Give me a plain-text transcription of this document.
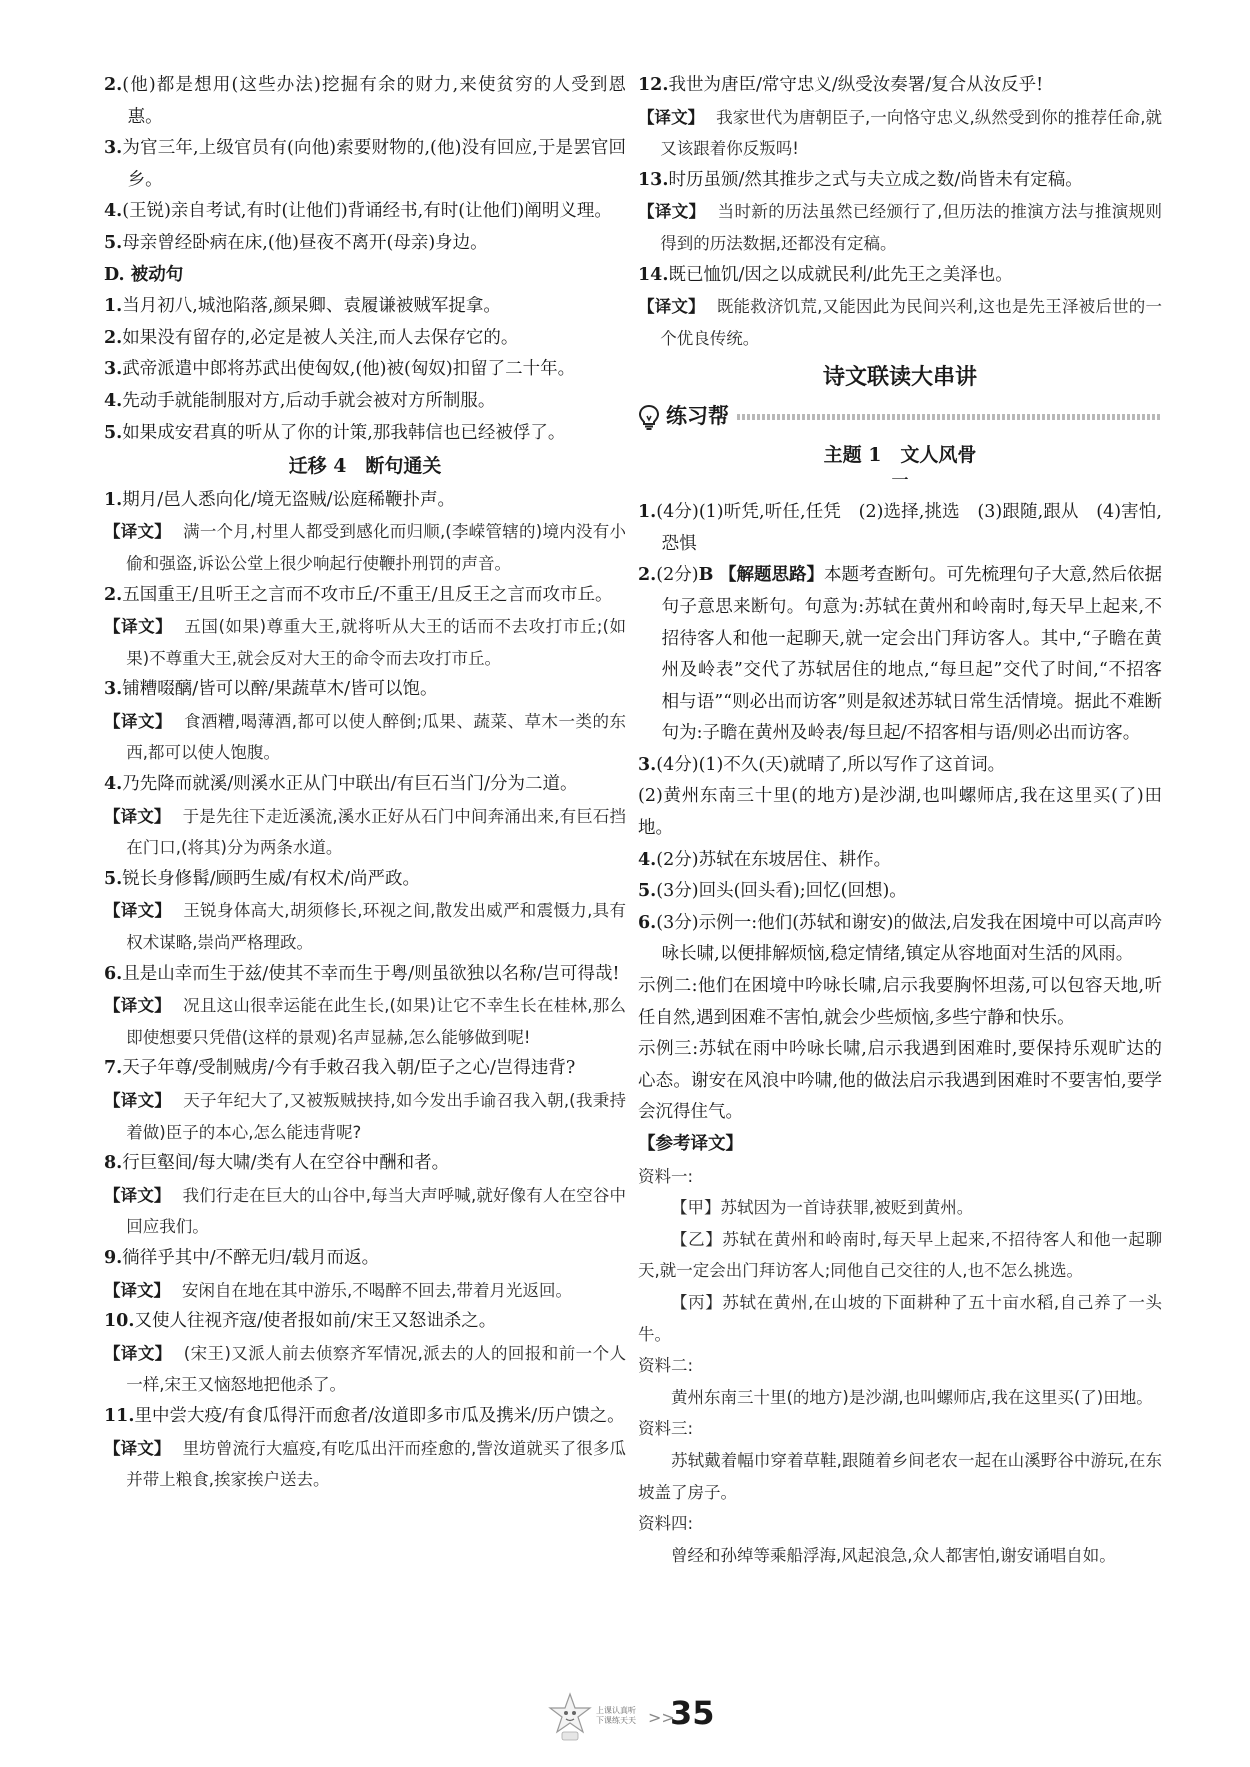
2.(他)都是想用(这些办法)挖掘有余的财力,来使贫穷的人受到恩惠。

3.为官三年,上级官员有(向他)索要财物的,(他)没有回应,于是罢官回乡。

4.(王锐)亲自考试,有时(让他们)背诵经书,有时(让他们)阐明义理。

5.母亲曾经卧病在床,(他)昼夜不离开(母亲)身边。

D. 被动句

1.当月初八,城池陷落,颜杲卿、袁履谦被贼军捉拿。

2.如果没有留存的,必定是被人关注,而人去保存它的。

3.武帝派遣中郎将苏武出使匈奴,(他)被(匈奴)扣留了二十年。

4.先动手就能制服对方,后动手就会被对方所制服。

5.如果成安君真的听从了你的计策,那我韩信也已经被俘了。

迁移 4　断句通关

1.期月/邑人悉向化/境无盗贼/讼庭稀鞭扑声。

【译文】 满一个月,村里人都受到感化而归顺,(李嵘管辖的)境内没有小偷和强盗,诉讼公堂上很少响起行使鞭扑刑罚的声音。

2.五国重王/且听王之言而不攻市丘/不重王/且反王之言而攻市丘。

【译文】 五国(如果)尊重大王,就将听从大王的话而不去攻打市丘;(如果)不尊重大王,就会反对大王的命令而去攻打市丘。

3.铺糟啜醨/皆可以醉/果蔬草木/皆可以饱。

【译文】 食酒糟,喝薄酒,都可以使人醉倒;瓜果、蔬菜、草木一类的东西,都可以使人饱腹。

4.乃先降而就溪/则溪水正从门中联出/有巨石当门/分为二道。

【译文】 于是先往下走近溪流,溪水正好从石门中间奔涌出来,有巨石挡在门口,(将其)分为两条水道。

5.锐长身修髯/顾眄生威/有权术/尚严政。

【译文】 王锐身体高大,胡须修长,环视之间,散发出威严和震慑力,具有权术谋略,崇尚严格理政。

6.且是山幸而生于兹/使其不幸而生于粤/则虽欲独以名称/岂可得哉!

【译文】 况且这山很幸运能在此生长,(如果)让它不幸生长在桂林,那么即使想要只凭借(这样的景观)名声显赫,怎么能够做到呢!

7.天子年尊/受制贼虏/今有手敕召我入朝/臣子之心/岂得违背?

【译文】 天子年纪大了,又被叛贼挟持,如今发出手谕召我入朝,(我秉持着做)臣子的本心,怎么能违背呢?

8.行巨壑间/每大啸/类有人在空谷中酬和者。

【译文】 我们行走在巨大的山谷中,每当大声呼喊,就好像有人在空谷中回应我们。

9.徜徉乎其中/不醉无归/载月而返。

【译文】 安闲自在地在其中游乐,不喝醉不回去,带着月光返回。

10.又使人往视齐寇/使者报如前/宋王又怒诎杀之。

【译文】 (宋王)又派人前去侦察齐军情况,派去的人的回报和前一个人一样,宋王又恼怒地把他杀了。

11.里中尝大疫/有食瓜得汗而愈者/汝道即多市瓜及携米/历户馈之。

【译文】 里坊曾流行大瘟疫,有吃瓜出汗而痊愈的,訾汝道就买了很多瓜并带上粮食,挨家挨户送去。

12.我世为唐臣/常守忠义/纵受汝奏署/复合从汝反乎!

【译文】 我家世代为唐朝臣子,一向恪守忠义,纵然受到你的推荐任命,就又该跟着你反叛吗!

13.时历虽颁/然其推步之式与夫立成之数/尚皆未有定稿。

【译文】 当时新的历法虽然已经颁行了,但历法的推演方法与推演规则得到的历法数据,还都没有定稿。

14.既已恤饥/因之以成就民利/此先王之美泽也。

【译文】 既能救济饥荒,又能因此为民间兴利,这也是先王泽被后世的一个优良传统。

诗文联读大串讲

练习帮

主题 1　文人风骨

一

1.(4分)(1)听凭,听任,任凭　(2)选择,挑选　(3)跟随,跟从　(4)害怕,恐惧

2.(2分)B 【解题思路】本题考查断句。可先梳理句子大意,然后依据句子意思来断句。句意为:苏轼在黄州和岭南时,每天早上起来,不招待客人和他一起聊天,就一定会出门拜访客人。其中,“子瞻在黄州及岭表”交代了苏轼居住的地点,“每旦起”交代了时间,“不招客相与语”“则必出而访客”则是叙述苏轼日常生活情境。据此不难断句为:子瞻在黄州及岭表/每旦起/不招客相与语/则必出而访客。

3.(4分)(1)不久(天)就晴了,所以写作了这首词。

(2)黄州东南三十里(的地方)是沙湖,也叫螺师店,我在这里买(了)田地。

4.(2分)苏轼在东坡居住、耕作。

5.(3分)回头(回头看);回忆(回想)。

6.(3分)示例一:他们(苏轼和谢安)的做法,启发我在困境中可以高声吟咏长啸,以便排解烦恼,稳定情绪,镇定从容地面对生活的风雨。

示例二:他们在困境中吟咏长啸,启示我要胸怀坦荡,可以包容天地,听任自然,遇到困难不害怕,就会少些烦恼,多些宁静和快乐。

示例三:苏轼在雨中吟咏长啸,启示我遇到困难时,要保持乐观旷达的心态。谢安在风浪中吟啸,他的做法启示我遇到困难时不要害怕,要学会沉得住气。

【参考译文】

资料一:

【甲】苏轼因为一首诗获罪,被贬到黄州。

【乙】苏轼在黄州和岭南时,每天早上起来,不招待客人和他一起聊天,就一定会出门拜访客人;同他自己交往的人,也不怎么挑选。

【丙】苏轼在黄州,在山坡的下面耕种了五十亩水稻,自己养了一头牛。

资料二:

黄州东南三十里(的地方)是沙湖,也叫螺师店,我在这里买(了)田地。

资料三:

苏轼戴着幅巾穿着草鞋,跟随着乡间老农一起在山溪野谷中游玩,在东坡盖了房子。

资料四:

曾经和孙绰等乘船浮海,风起浪急,众人都害怕,谢安诵唱自如。

上课认真听
下课练天天 >>
35
